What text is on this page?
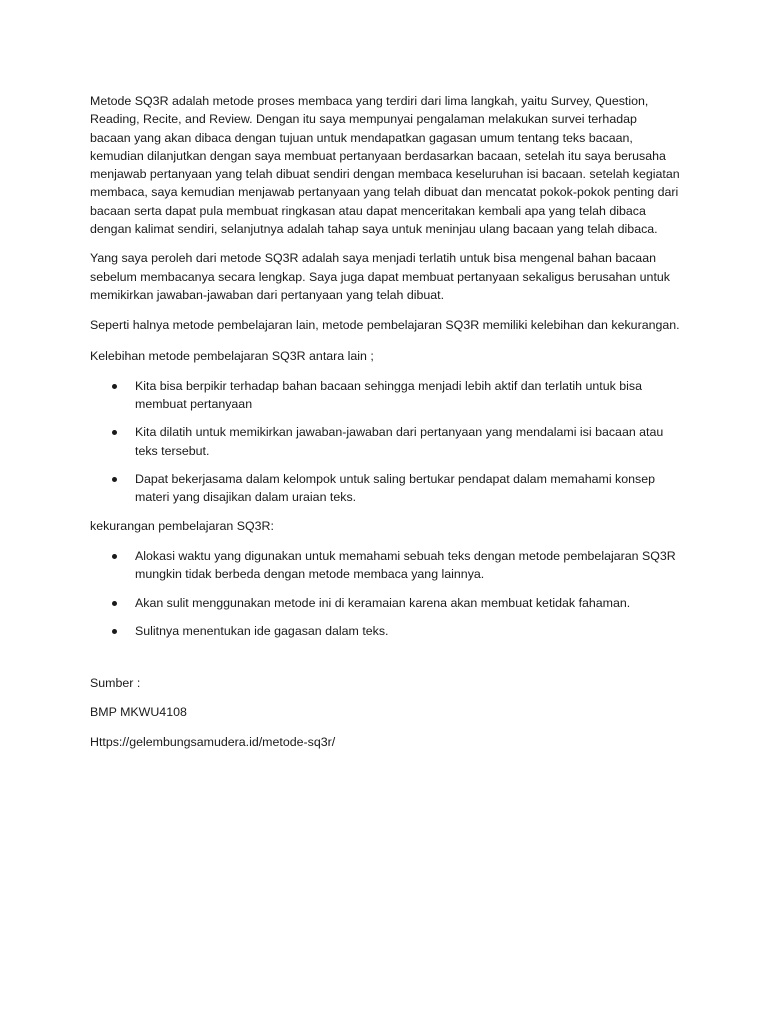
Metode SQ3R adalah metode proses membaca yang terdiri dari lima langkah, yaitu Survey, Question, Reading, Recite, and Review. Dengan itu saya mempunyai pengalaman melakukan survei terhadap bacaan yang akan dibaca dengan tujuan untuk mendapatkan gagasan umum tentang teks bacaan, kemudian dilanjutkan dengan saya membuat pertanyaan berdasarkan bacaan, setelah itu saya berusaha menjawab pertanyaan yang telah dibuat sendiri dengan membaca keseluruhan isi bacaan. setelah kegiatan membaca, saya kemudian menjawab pertanyaan yang telah dibuat dan mencatat pokok-pokok penting dari bacaan serta dapat pula membuat ringkasan atau dapat menceritakan kembali apa yang telah dibaca dengan kalimat sendiri, selanjutnya adalah tahap saya untuk meninjau ulang bacaan yang telah dibaca.

Yang saya peroleh dari metode SQ3R adalah saya menjadi terlatih untuk bisa mengenal bahan bacaan sebelum membacanya secara lengkap. Saya juga dapat membuat pertanyaan sekaligus berusahan untuk memikirkan jawaban-jawaban dari pertanyaan yang telah dibuat.

Seperti halnya metode pembelajaran lain, metode pembelajaran SQ3R memiliki kelebihan dan kekurangan.

Kelebihan metode pembelajaran SQ3R antara lain ;

Kita bisa berpikir terhadap bahan bacaan sehingga menjadi lebih aktif dan terlatih untuk bisa membuat pertanyaan
Kita dilatih untuk memikirkan jawaban-jawaban dari pertanyaan yang mendalami isi bacaan atau teks tersebut.
Dapat bekerjasama dalam kelompok untuk saling bertukar pendapat dalam memahami konsep materi yang disajikan dalam uraian teks.

kekurangan pembelajaran SQ3R:

Alokasi waktu yang digunakan untuk memahami sebuah teks dengan metode pembelajaran SQ3R mungkin tidak berbeda dengan metode membaca yang lainnya.
Akan sulit menggunakan metode ini di keramaian karena akan membuat ketidak fahaman.
Sulitnya menentukan ide gagasan dalam teks.

Sumber :

BMP MKWU4108

Https://gelembungsamudera.id/metode-sq3r/
